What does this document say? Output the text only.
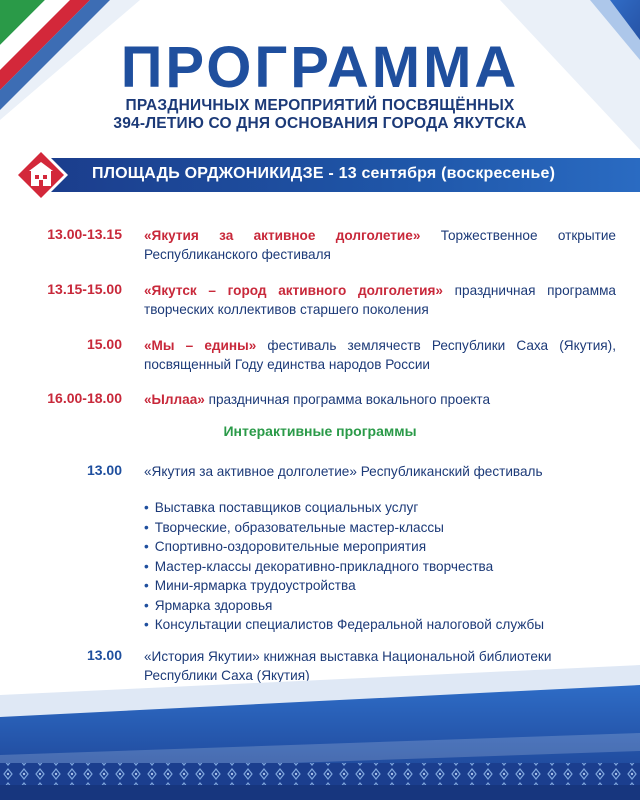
ПРОГРАММА
ПРАЗДНИЧНЫХ МЕРОПРИЯТИЙ ПОСВЯЩЁННЫХ
394-ЛЕТИЮ СО ДНЯ ОСНОВАНИЯ ГОРОДА ЯКУТСКА
ПЛОЩАДЬ ОРДЖОНИКИДЗЕ - 13 сентября (воскресенье)
13.00-13.15 «Якутия за активное долголетие» Торжественное открытие Республиканского фестиваля
13.15-15.00 «Якутск – город активного долголетия» праздничная программа творческих коллективов старшего поколения
15.00 «Мы – едины» фестиваль землячеств Республики Саха (Якутия), посвященный Году единства народов России
16.00-18.00 «Ыллаа» праздничная программа вокального проекта
Интерактивные программы
13.00 «Якутия за активное долголетие» Республиканский фестиваль
• Выставка поставщиков социальных услуг
• Творческие, образовательные мастер-классы
• Спортивно-оздоровительные мероприятия
• Мастер-классы декоративно-прикладного творчества
• Мини-ярмарка трудоустройства
• Ярмарка здоровья
• Консультации специалистов Федеральной налоговой службы
13.00 «История Якутии» книжная выставка Национальной библиотеки Республики Саха (Якутия)
